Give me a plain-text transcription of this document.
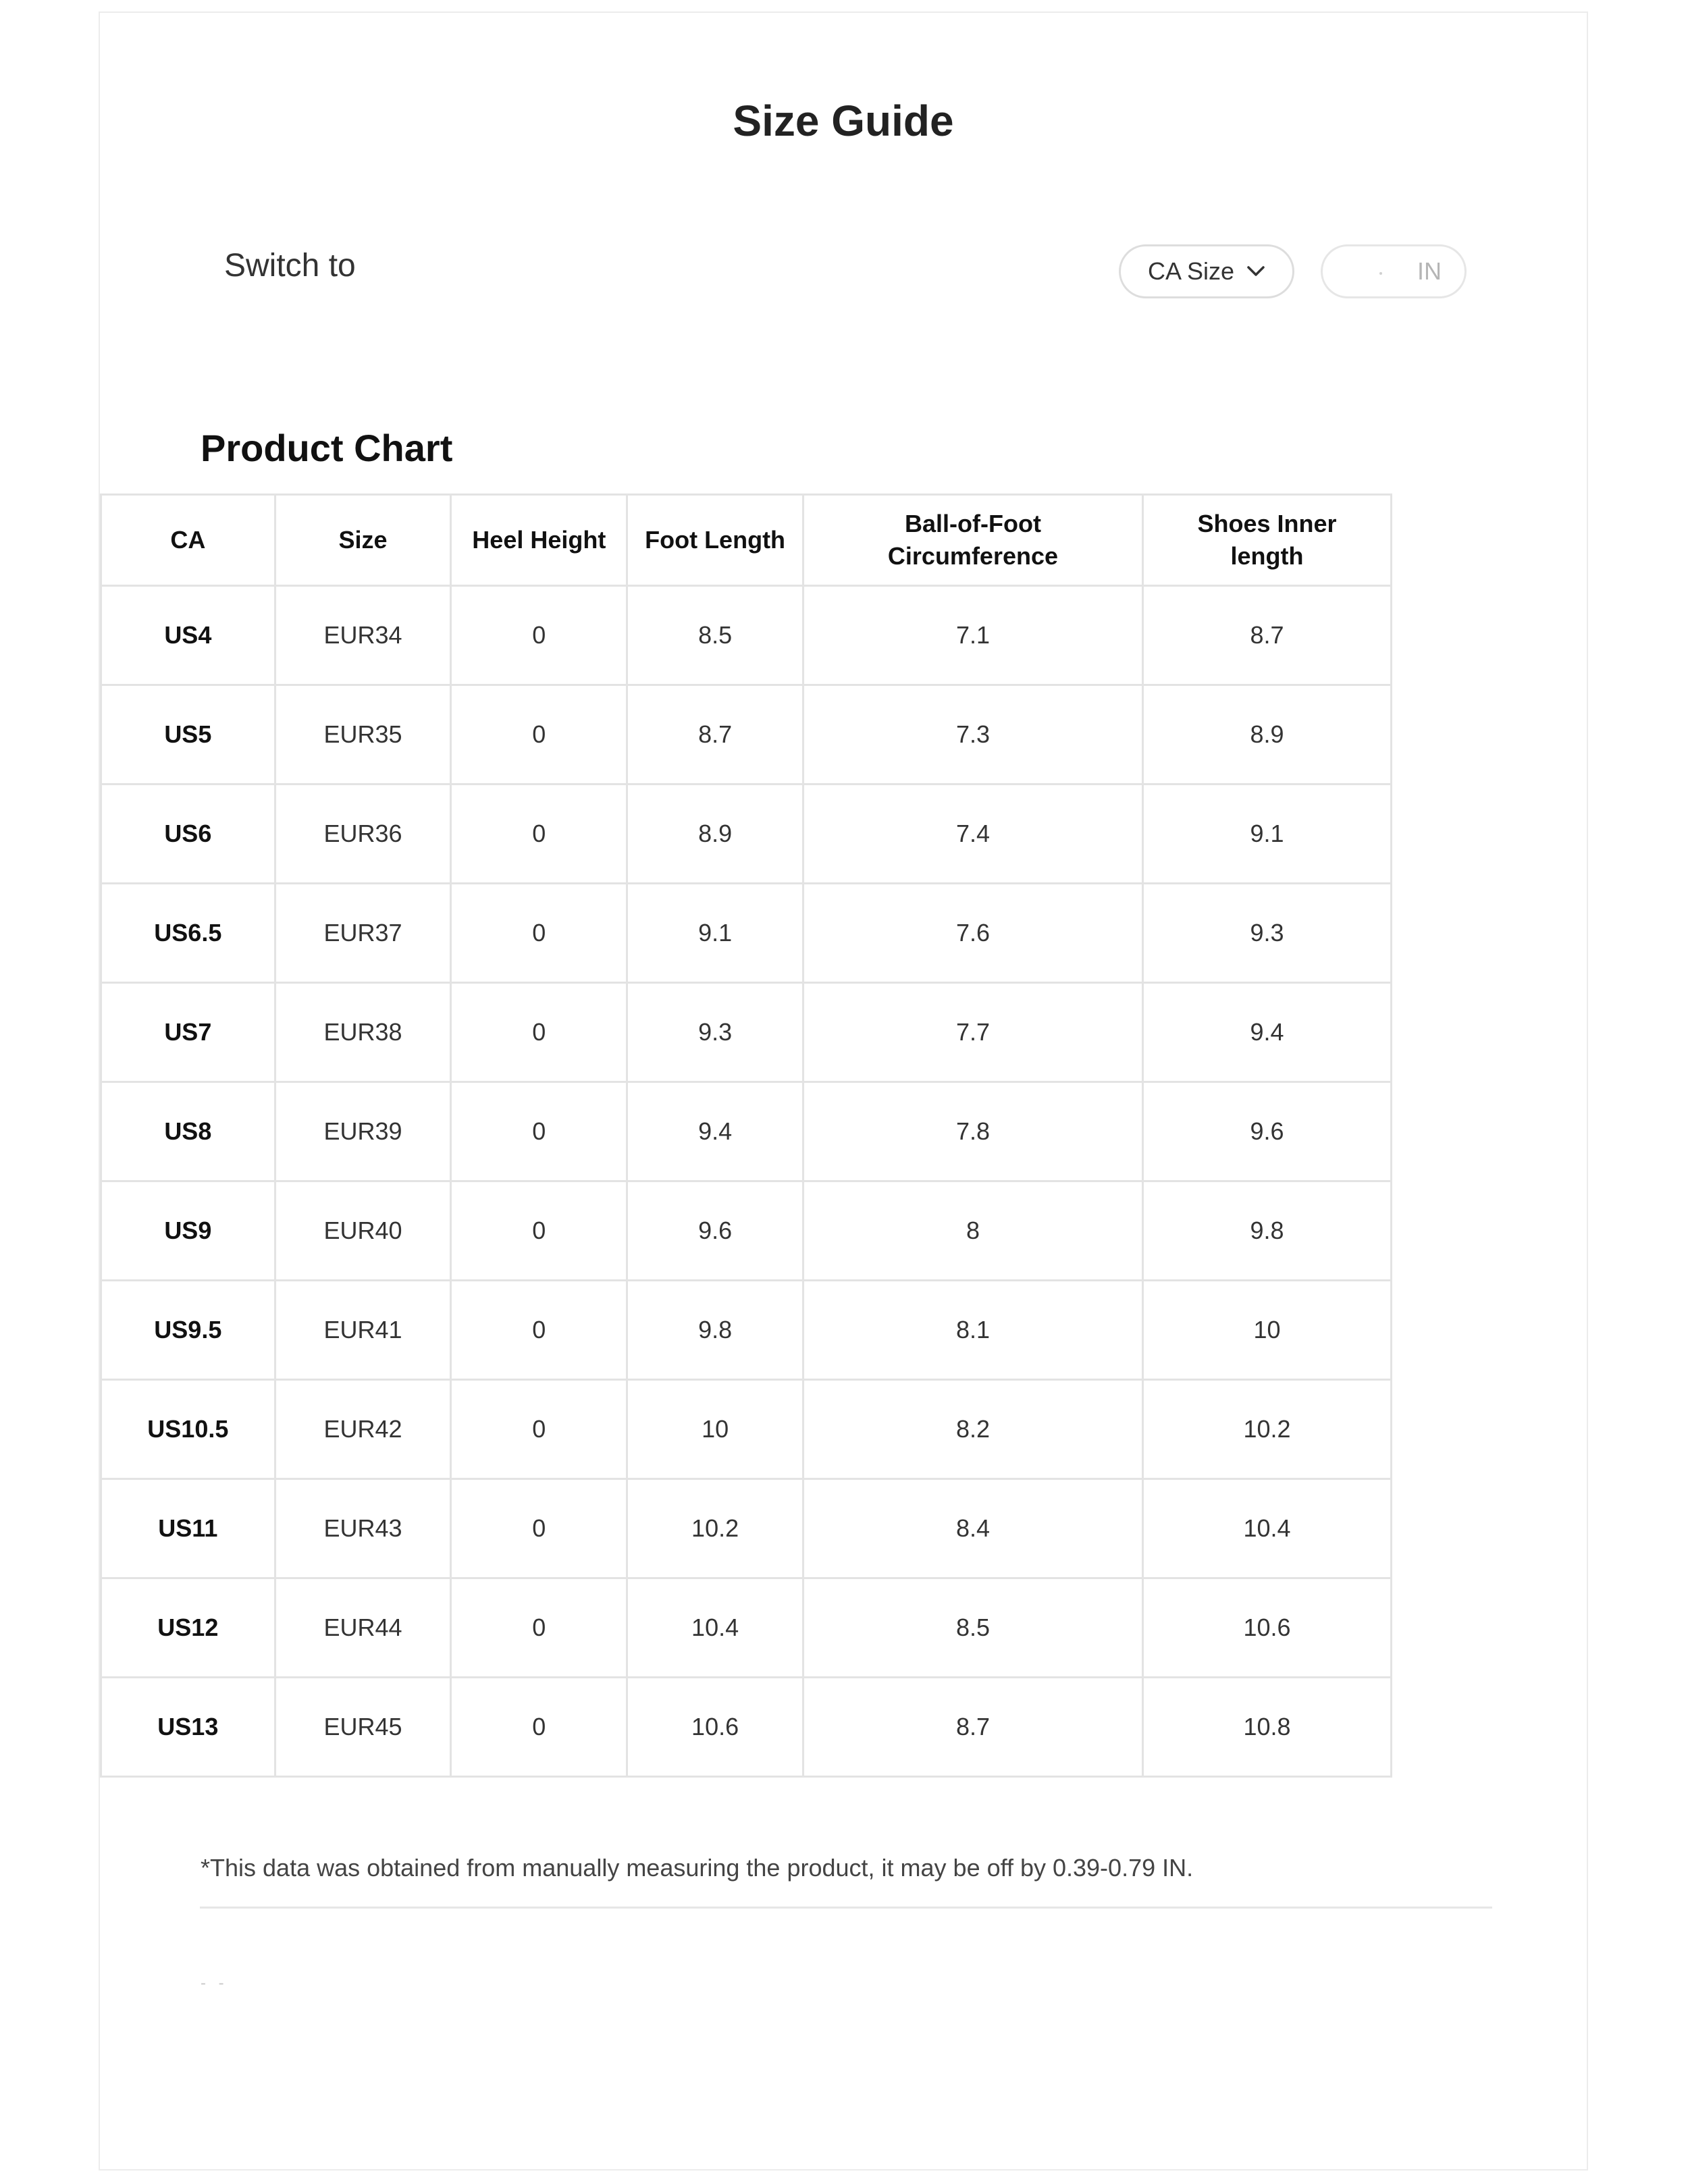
Size Guide
Switch to	CA Size	IN
Product Chart
*This data was obtained from manually measuring the product, it may be off by 0.39-0.79 IN.
- -
CA	Size	Heel Height	Foot Length	Ball-of-Foot Circumference	Shoes Inner length
US4	EUR34	0	8.5	7.1	8.7
US5	EUR35	0	8.7	7.3	8.9
US6	EUR36	0	8.9	7.4	9.1
US6.5	EUR37	0	9.1	7.6	9.3
US7	EUR38	0	9.3	7.7	9.4
US8	EUR39	0	9.4	7.8	9.6
US9	EUR40	0	9.6	8	9.8
US9.5	EUR41	0	9.8	8.1	10
US10.5	EUR42	0	10	8.2	10.2
US11	EUR43	0	10.2	8.4	10.4
US12	EUR44	0	10.4	8.5	10.6
US13	EUR45	0	10.6	8.7	10.8
